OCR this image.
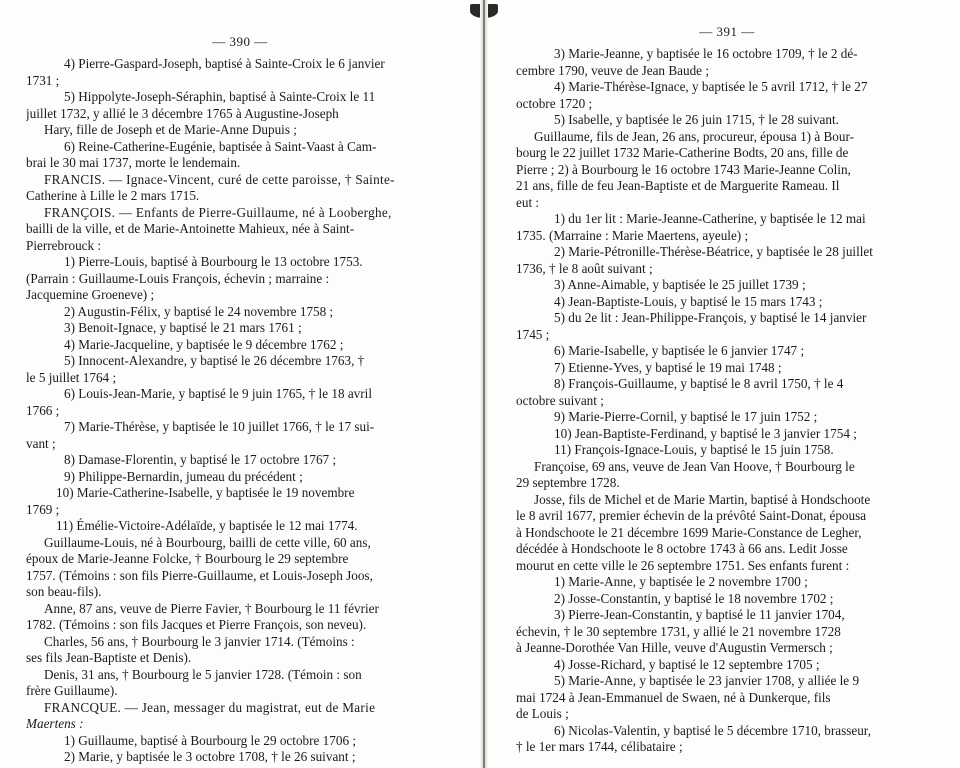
— 390 —
4) Pierre-Gaspard-Joseph, baptisé à Sainte-Croix le 6 janvier
1731 ;
5) Hippolyte-Joseph-Séraphin, baptisé à Sainte-Croix le 11
juillet 1732, y allié le 3 décembre 1765 à Augustine-Joseph
Hary, fille de Joseph et de Marie-Anne Dupuis ;
6) Reine-Catherine-Eugénie, baptisée à Saint-Vaast à Cam-
brai le 30 mai 1737, morte le lendemain.
FRANCIS. — Ignace-Vincent, curé de cette paroisse, † Sainte-
Catherine à Lille le 2 mars 1715.
FRANÇOIS. — Enfants de Pierre-Guillaume, né à Looberghe,
bailli de la ville, et de Marie-Antoinette Mahieux, née à Saint-
Pierrebrouck :
1) Pierre-Louis, baptisé à Bourbourg le 13 octobre 1753.
(Parrain : Guillaume-Louis François, échevin ; marraine :
Jacquemine Groeneve) ;
2) Augustin-Félix, y baptisé le 24 novembre 1758 ;
3) Benoit-Ignace, y baptisé le 21 mars 1761 ;
4) Marie-Jacqueline, y baptisée le 9 décembre 1762 ;
5) Innocent-Alexandre, y baptisé le 26 décembre 1763, †
le 5 juillet 1764 ;
6) Louis-Jean-Marie, y baptisé le 9 juin 1765, † le 18 avril
1766 ;
7) Marie-Thérèse, y baptisée le 10 juillet 1766, † le 17 sui-
vant ;
8) Damase-Florentin, y baptisé le 17 octobre 1767 ;
9) Philippe-Bernardin, jumeau du précédent ;
10) Marie-Catherine-Isabelle, y baptisée le 19 novembre
1769 ;
11) Émélie-Victoire-Adélaïde, y baptisée le 12 mai 1774.
Guillaume-Louis, né à Bourbourg, bailli de cette ville, 60 ans,
époux de Marie-Jeanne Folcke, † Bourbourg le 29 septembre
1757. (Témoins : son fils Pierre-Guillaume, et Louis-Joseph Joos,
son beau-fils).
Anne, 87 ans, veuve de Pierre Favier, † Bourbourg le 11 février
1782. (Témoins : son fils Jacques et Pierre François, son neveu).
Charles, 56 ans, † Bourbourg le 3 janvier 1714. (Témoins :
ses fils Jean-Baptiste et Denis).
Denis, 31 ans, † Bourbourg le 5 janvier 1728. (Témoin : son
frère Guillaume).
FRANCQUE. — Jean, messager du magistrat, eut de Marie
Maertens :
1) Guillaume, baptisé à Bourbourg le 29 octobre 1706 ;
2) Marie, y baptisée le 3 octobre 1708, † le 26 suivant ;
— 391 —
3) Marie-Jeanne, y baptisée le 16 octobre 1709, † le 2 dé-
cembre 1790, veuve de Jean Baude ;
4) Marie-Thérèse-Ignace, y baptisée le 5 avril 1712, † le 27
octobre 1720 ;
5) Isabelle, y baptisée le 26 juin 1715, † le 28 suivant.
Guillaume, fils de Jean, 26 ans, procureur, épousa 1) à Bour-
bourg le 22 juillet 1732 Marie-Catherine Bodts, 20 ans, fille de
Pierre ; 2) à Bourbourg le 16 octobre 1743 Marie-Jeanne Colin,
21 ans, fille de feu Jean-Baptiste et de Marguerite Rameau. Il
eut :
1) du 1er lit : Marie-Jeanne-Catherine, y baptisée le 12 mai
1735. (Marraine : Marie Maertens, ayeule) ;
2) Marie-Pétronille-Thérèse-Béatrice, y baptisée le 28 juillet
1736, † le 8 août suivant ;
3) Anne-Aimable, y baptisée le 25 juillet 1739 ;
4) Jean-Baptiste-Louis, y baptisé le 15 mars 1743 ;
5) du 2e lit : Jean-Philippe-François, y baptisé le 14 janvier
1745 ;
6) Marie-Isabelle, y baptisée le 6 janvier 1747 ;
7) Etienne-Yves, y baptisé le 19 mai 1748 ;
8) François-Guillaume, y baptisé le 8 avril 1750, † le 4
octobre suivant ;
9) Marie-Pierre-Cornil, y baptisé le 17 juin 1752 ;
10) Jean-Baptiste-Ferdinand, y baptisé le 3 janvier 1754 ;
11) François-Ignace-Louis, y baptisé le 15 juin 1758.
Françoise, 69 ans, veuve de Jean Van Hoove, † Bourbourg le
29 septembre 1728.
Josse, fils de Michel et de Marie Martin, baptisé à Hondschoote
le 8 avril 1677, premier échevin de la prévôté Saint-Donat, épousa
à Hondschoote le 21 décembre 1699 Marie-Constance de Legher,
décédée à Hondschoote le 8 octobre 1743 à 66 ans. Ledit Josse
mourut en cette ville le 26 septembre 1751. Ses enfants furent :
1) Marie-Anne, y baptisée le 2 novembre 1700 ;
2) Josse-Constantin, y baptisé le 18 novembre 1702 ;
3) Pierre-Jean-Constantin, y baptisé le 11 janvier 1704,
échevin, † le 30 septembre 1731, y allié le 21 novembre 1728
à Jeanne-Dorothée Van Hille, veuve d'Augustin Vermersch ;
4) Josse-Richard, y baptisé le 12 septembre 1705 ;
5) Marie-Anne, y baptisée le 23 janvier 1708, y alliée le 9
mai 1724 à Jean-Emmanuel de Swaen, né à Dunkerque, fils
de Louis ;
6) Nicolas-Valentin, y baptisé le 5 décembre 1710, brasseur,
† le 1er mars 1744, célibataire ;
